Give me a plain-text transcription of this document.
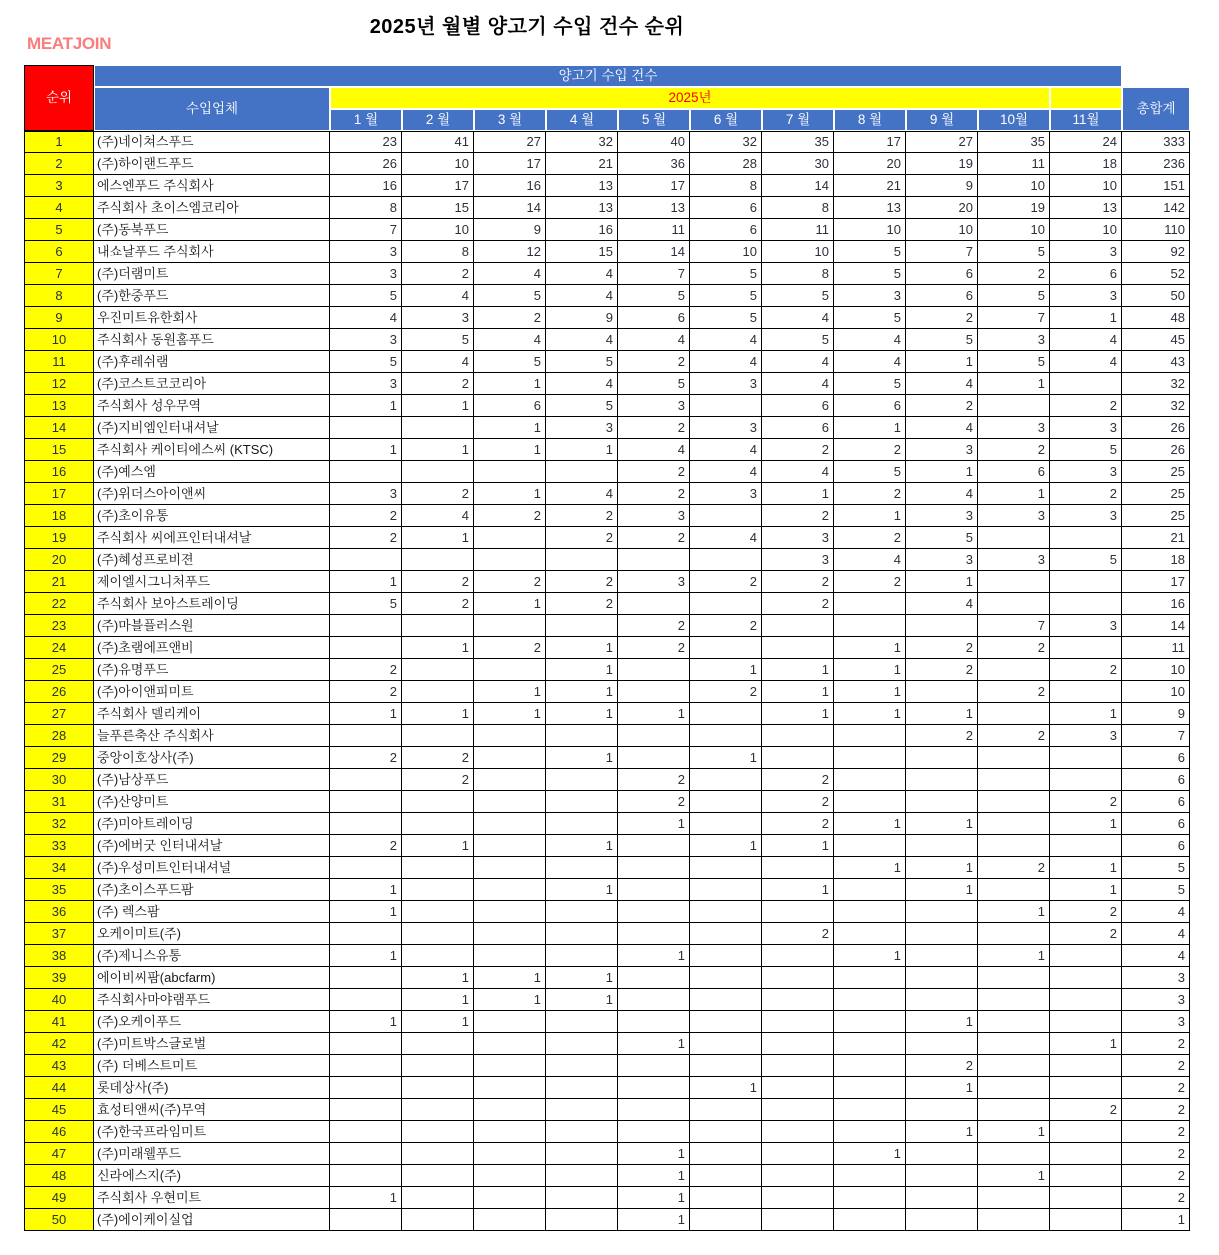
2025년 월별 양고기 수입 건수 순위
MEATJOIN
순위	양고기 수입 건수												
	수입업체	2025년											총합계
		1 월	2 월	3 월	4 월	5 월	6 월	7 월	8 월	9 월	10월	11월	
1	(주)네이쳐스푸드	23	41	27	32	40	32	35	17	27	35	24	333
2	(주)하이랜드푸드	26	10	17	21	36	28	30	20	19	11	18	236
3	에스엔푸드 주식회사	16	17	16	13	17	8	14	21	9	10	10	151
4	주식회사 초이스엠코리아	8	15	14	13	13	6	8	13	20	19	13	142
5	(주)동북푸드	7	10	9	16	11	6	11	10	10	10	10	110
6	내쇼날푸드 주식회사	3	8	12	15	14	10	10	5	7	5	3	92
7	(주)더램미트	3	2	4	4	7	5	8	5	6	2	6	52
8	(주)한중푸드	5	4	5	4	5	5	5	3	6	5	3	50
9	우진미트유한회사	4	3	2	9	6	5	4	5	2	7	1	48
10	주식회사 동원홈푸드	3	5	4	4	4	4	5	4	5	3	4	45
11	(주)후레쉬램	5	4	5	5	2	4	4	4	1	5	4	43
12	(주)코스트코코리아	3	2	1	4	5	3	4	5	4	1		32
13	주식회사 성우무역	1	1	6	5	3		6	6	2		2	32
14	(주)지비엠인터내셔날			1	3	2	3	6	1	4	3	3	26
15	주식회사 케이티에스씨 (KTSC)	1	1	1	1	4	4	2	2	3	2	5	26
16	(주)예스엠					2	4	4	5	1	6	3	25
17	(주)위더스아이앤씨	3	2	1	4	2	3	1	2	4	1	2	25
18	(주)초이유통	2	4	2	2	3		2	1	3	3	3	25
19	주식회사 씨에프인터내셔날	2	1		2	2	4	3	2	5			21
20	(주)혜성프로비젼							3	4	3	3	5	18
21	제이엘시그니처푸드	1	2	2	2	3	2	2	2	1			17
22	주식회사 보아스트레이딩	5	2	1	2			2		4			16
23	(주)마블플러스원					2	2				7	3	14
24	(주)초램에프앤비		1	2	1	2			1	2	2		11
25	(주)유명푸드	2			1		1	1	1	2		2	10
26	(주)아이앤피미트	2		1	1		2	1	1		2		10
27	주식회사 델리케이	1	1	1	1	1		1	1	1		1	9
28	늘푸른축산 주식회사									2	2	3	7
29	중앙이호상사(주)	2	2		1		1						6
30	(주)남상푸드		2			2		2					6
31	(주)산양미트					2		2				2	6
32	(주)미아트레이딩					1		2	1	1		1	6
33	(주)에버굿 인터내셔날	2	1		1		1	1					6
34	(주)우성미트인터내셔널								1	1	2	1	5
35	(주)초이스푸드팜	1			1			1		1		1	5
36	(주) 렉스팜	1									1	2	4
37	오케이미트(주)							2				2	4
38	(주)제니스유통	1				1			1		1		4
39	에이비씨팜(abcfarm)		1	1	1								3
40	주식회사마야램푸드		1	1	1								3
41	(주)오케이푸드	1	1							1			3
42	(주)미트박스글로벌					1						1	2
43	(주) 더베스트미트									2			2
44	롯데상사(주)						1			1			2
45	효성티앤씨(주)무역											2	2
46	(주)한국프라임미트									1	1		2
47	(주)미래웰푸드					1			1				2
48	신라에스지(주)					1					1		2
49	주식회사 우현미트	1				1							2
50	(주)에이케이실업					1							1
